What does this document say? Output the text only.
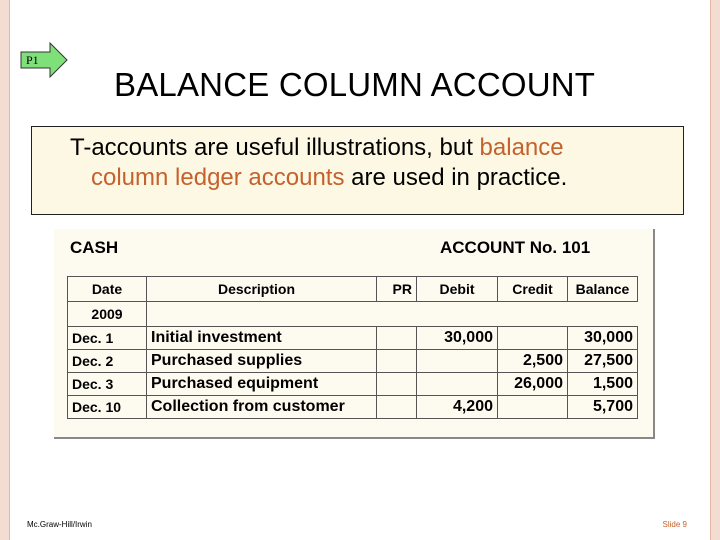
P1
BALANCE COLUMN ACCOUNT
T-accounts are useful illustrations, but balance
column ledger accounts are used in practice.
CASH	ACCOUNT No. 101
Date	Description	PR	Debit	Credit	Balance
2009					
Dec. 1	Initial investment		30,000		30,000
Dec. 2	Purchased supplies			2,500	27,500
Dec. 3	Purchased equipment			26,000	1,500
Dec. 10	Collection from customer		4,200		5,700
Mc.Graw-Hill/Irwin	Slide 9
